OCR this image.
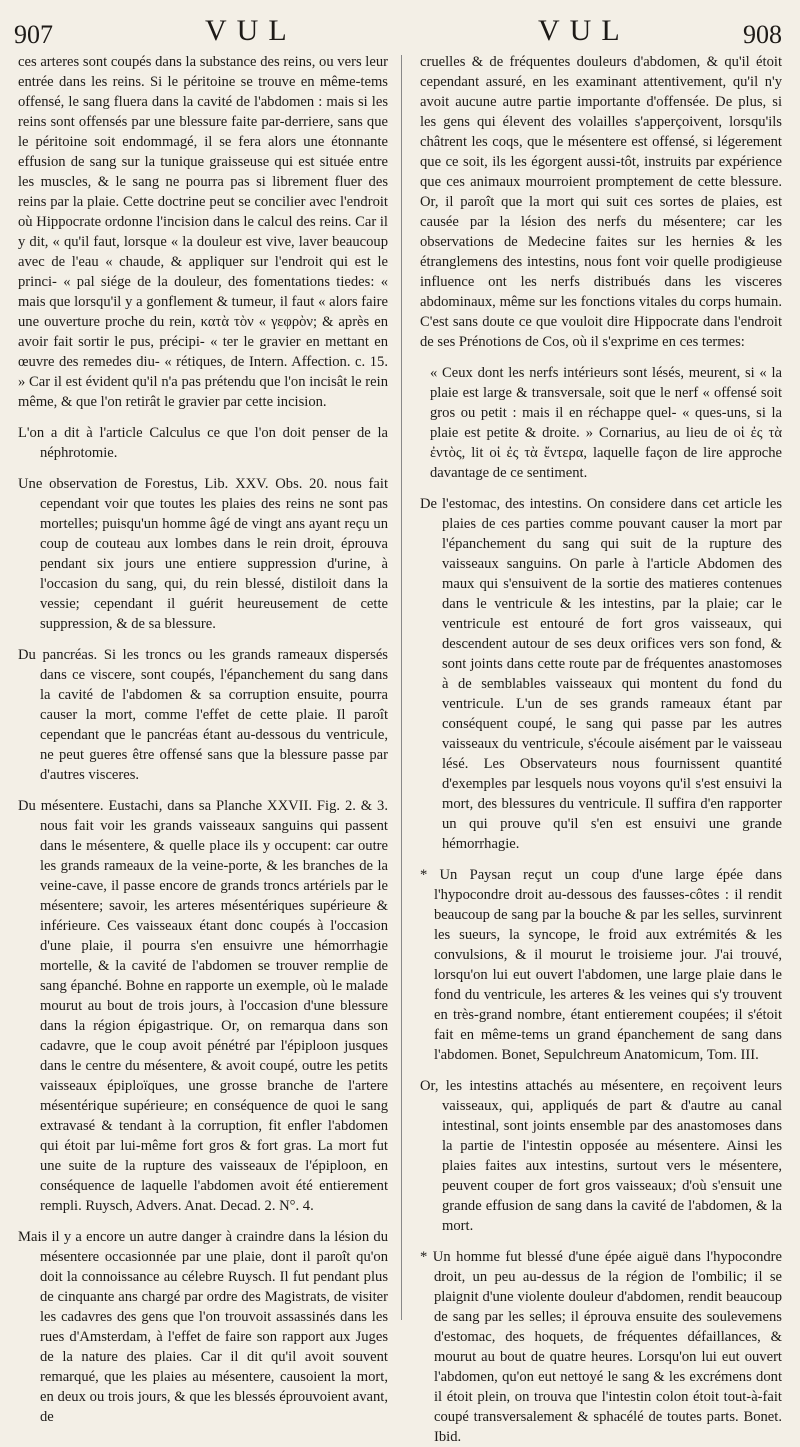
907	VUL	VUL	908

ces arteres sont coupés dans la substance des reins, ou vers leur entrée dans les reins. Si le péritoine se trouve en même-tems offensé, le sang fluera dans la cavité de l'abdomen : mais si les reins sont offensés par une blessure faite par-derriere, sans que le péritoine soit endommagé, il se fera alors une étonnante effusion de sang sur la tunique graisseuse qui est située entre les muscles, & le sang ne pourra pas si librement fluer des reins par la plaie. Cette doctrine peut se concilier avec l'endroit où Hippocrate ordonne l'incision dans le calcul des reins. Car il y dit, « qu'il faut, lorsque « la douleur est vive, laver beaucoup avec de l'eau « chaude, & appliquer sur l'endroit qui est le princi- « pal siége de la douleur, des fomentations tiedes: « mais que lorsqu'il y a gonflement & tumeur, il faut « alors faire une ouverture proche du rein, κατὰ τὸν « γεφρὸν; & après en avoir fait sortir le pus, précipi- « ter le gravier en mettant en œuvre des remedes diu- « rétiques, de Intern. Affection. c. 15. » Car il est évident qu'il n'a pas prétendu que l'on incisât le rein même, & que l'on retirât le gravier par cette incision.

L'on a dit à l'article Calculus ce que l'on doit penser de la néphrotomie.

Une observation de Forestus, Lib. XXV. Obs. 20. nous fait cependant voir que toutes les plaies des reins ne sont pas mortelles; puisqu'un homme âgé de vingt ans ayant reçu un coup de couteau aux lombes dans le rein droit, éprouva pendant six jours une entiere suppression d'urine, à l'occasion du sang, qui, du rein blessé, distiloit dans la vessie; cependant il guérit heureusement de cette suppression, & de sa blessure.

Du pancréas. Si les troncs ou les grands rameaux dispersés dans ce viscere, sont coupés, l'épanchement du sang dans la cavité de l'abdomen & sa corruption ensuite, pourra causer la mort, comme l'effet de cette plaie. Il paroît cependant que le pancréas étant au-dessous du ventricule, ne peut gueres être offensé sans que la blessure passe par d'autres visceres.

Du mésentere. Eustachi, dans sa Planche XXVII. Fig. 2. & 3. nous fait voir les grands vaisseaux sanguins qui passent dans le mésentere, & quelle place ils y occupent: car outre les grands rameaux de la veine-porte, & les branches de la veine-cave, il passe encore de grands troncs artériels par le mésentere; savoir, les arteres mésentériques supérieure & inférieure. Ces vaisseaux étant donc coupés à l'occasion d'une plaie, il pourra s'en ensuivre une hémorrhagie mortelle, & la cavité de l'abdomen se trouver remplie de sang épanché. Bohne en rapporte un exemple, où le malade mourut au bout de trois jours, à l'occasion d'une blessure dans la région épigastrique. Or, on remarqua dans son cadavre, que le coup avoit pénétré par l'épiploon jusques dans le centre du mésentere, & avoit coupé, outre les petits vaisseaux épiploïques, une grosse branche de l'artere mésentérique supérieure; en conséquence de quoi le sang extravasé & tendant à la corruption, fit enfler l'abdomen qui étoit par lui-même fort gros & fort gras. La mort fut une suite de la rupture des vaisseaux de l'épiploon, en conséquence de laquelle l'abdomen avoit été entierement rempli. Ruysch, Advers. Anat. Decad. 2. N°. 4.

Mais il y a encore un autre danger à craindre dans la lésion du mésentere occasionnée par une plaie, dont il paroît qu'on doit la connoissance au célebre Ruysch. Il fut pendant plus de cinquante ans chargé par ordre des Magistrats, de visiter les cadavres des gens que l'on trouvoit assassinés dans les rues d'Amsterdam, à l'effet de faire son rapport aux Juges de la nature des plaies. Car il dit qu'il avoit souvent remarqué, que les plaies au mésentere, causoient la mort, en deux ou trois jours, & que les blessés éprouvoient avant, de

cruelles & de fréquentes douleurs d'abdomen, & qu'il étoit cependant assuré, en les examinant attentivement, qu'il n'y avoit aucune autre partie importante d'offensée. De plus, si les gens qui élevent des volailles s'apperçoivent, lorsqu'ils châtrent les coqs, que le mésentere est offensé, si légerement que ce soit, ils les égorgent aussi-tôt, instruits par expérience que ces animaux mourroient promptement de cette blessure. Or, il paroît que la mort qui suit ces sortes de plaies, est causée par la lésion des nerfs du mésentere; car les observations de Medecine faites sur les hernies & les étranglemens des intestins, nous font voir quelle prodigieuse influence ont les nerfs distribués dans les visceres abdominaux, même sur les fonctions vitales du corps humain. C'est sans doute ce que vouloit dire Hippocrate dans l'endroit de ses Prénotions de Cos, où il s'exprime en ces termes:

« Ceux dont les nerfs intérieurs sont lésés, meurent, si « la plaie est large & transversale, soit que le nerf « offensé soit gros ou petit : mais il en réchappe quel- « ques-uns, si la plaie est petite & droite. » Cornarius, au lieu de οἱ ἐς τὰ ἐντὸς, lit οἱ ἐς τὰ ἔντερα, laquelle façon de lire approche davantage de ce sentiment.

De l'estomac, des intestins. On considere dans cet article les plaies de ces parties comme pouvant causer la mort par l'épanchement du sang qui suit de la rupture des vaisseaux sanguins. On parle à l'article Abdomen des maux qui s'ensuivent de la sortie des matieres contenues dans le ventricule & les intestins, par la plaie; car le ventricule est entouré de fort gros vaisseaux, qui descendent autour de ses deux orifices vers son fond, & sont joints dans cette route par de fréquentes anastomoses à de semblables vaisseaux qui montent du fond du ventricule. L'un de ses grands rameaux étant par conséquent coupé, le sang qui passe par les autres vaisseaux du ventricule, s'écoule aisément par le vaisseau lésé. Les Observateurs nous fournissent quantité d'exemples par lesquels nous voyons qu'il s'est ensuivi la mort, des blessures du ventricule. Il suffira d'en rapporter un qui prouve qu'il s'en est ensuivi une grande hémorrhagie.

* Un Paysan reçut un coup d'une large épée dans l'hypocondre droit au-dessous des fausses-côtes : il rendit beaucoup de sang par la bouche & par les selles, survinrent les sueurs, la syncope, le froid aux extrémités & les convulsions, & il mourut le troisieme jour. J'ai trouvé, lorsqu'on lui eut ouvert l'abdomen, une large plaie dans le fond du ventricule, les arteres & les veines qui s'y trouvent en très-grand nombre, étant entierement coupées; il s'étoit fait en même-tems un grand épanchement de sang dans l'abdomen. Bonet, Sepulchreum Anatomicum, Tom. III.

Or, les intestins attachés au mésentere, en reçoivent leurs vaisseaux, qui, appliqués de part & d'autre au canal intestinal, sont joints ensemble par des anastomoses dans la partie de l'intestin opposée au mésentere. Ainsi les plaies faites aux intestins, surtout vers le mésentere, peuvent couper de fort gros vaisseaux; d'où s'ensuit une grande effusion de sang dans la cavité de l'abdomen, & la mort.

* Un homme fut blessé d'une épée aiguë dans l'hypocondre droit, un peu au-dessus de la région de l'ombilic; il se plaignit d'une violente douleur d'abdomen, rendit beaucoup de sang par les selles; il éprouva ensuite des soulevemens d'estomac, des hoquets, de fréquentes défaillances, & mourut au bout de quatre heures. Lorsqu'on lui eut ouvert l'abdomen, qu'on eut nettoyé le sang & les excrémens dont il étoit plein, on trouva que l'intestin colon étoit tout-à-fait coupé transversalement & sphacélé de toutes parts. Bonet. Ibid.
